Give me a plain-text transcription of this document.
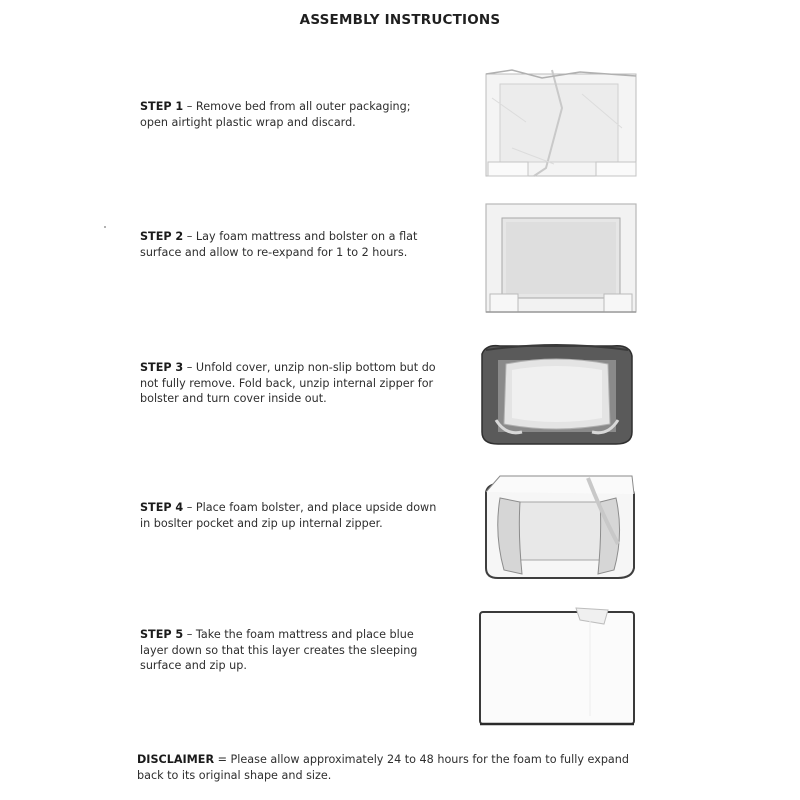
ASSEMBLY INSTRUCTIONS
STEP 1 – Remove bed from all outer packaging; open airtight plastic wrap and discard.
STEP 2 – Lay foam mattress and bolster on a flat surface and allow to re-expand for 1 to 2 hours.
STEP 3 – Unfold cover, unzip non-slip bottom but do not fully remove. Fold back, unzip internal zipper for bolster and turn cover inside out.
STEP 4 – Place foam bolster, and place upside down in boslter pocket and zip up internal zipper.
STEP 5 – Take the foam mattress and place blue layer down so that this layer creates the sleeping surface and zip up.
DISCLAIMER = Please allow approximately 24 to 48 hours for the foam to fully expand back to its original shape and size.
